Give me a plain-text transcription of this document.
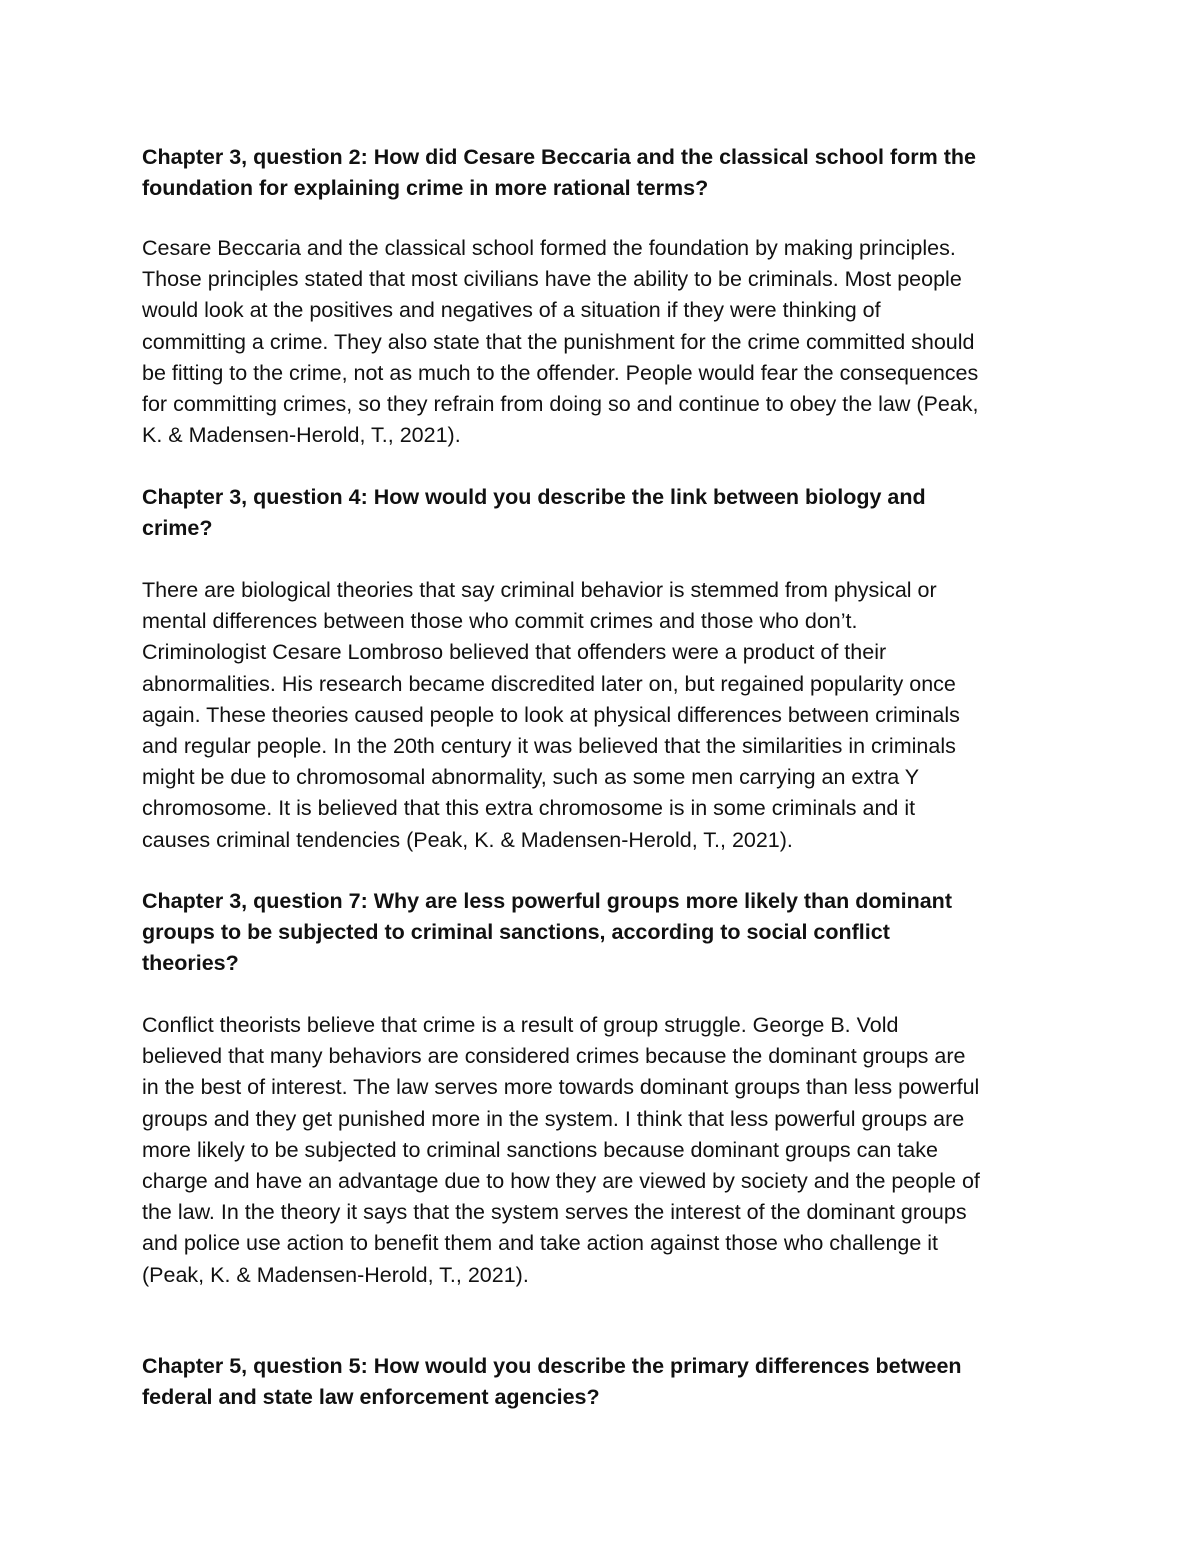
Chapter 3, question 2: How did Cesare Beccaria and the classical school form the
foundation for explaining crime in more rational terms?
Cesare Beccaria and the classical school formed the foundation by making principles.
Those principles stated that most civilians have the ability to be criminals. Most people
would look at the positives and negatives of a situation if they were thinking of
committing a crime. They also state that the punishment for the crime committed should
be fitting to the crime, not as much to the offender. People would fear the consequences
for committing crimes, so they refrain from doing so and continue to obey the law (Peak,
K. & Madensen-Herold, T., 2021).
Chapter 3, question 4: How would you describe the link between biology and
crime?
There are biological theories that say criminal behavior is stemmed from physical or
mental differences between those who commit crimes and those who don’t.
Criminologist Cesare Lombroso believed that offenders were a product of their
abnormalities. His research became discredited later on, but regained popularity once
again. These theories caused people to look at physical differences between criminals
and regular people. In the 20th century it was believed that the similarities in criminals
might be due to chromosomal abnormality, such as some men carrying an extra Y
chromosome. It is believed that this extra chromosome is in some criminals and it
causes criminal tendencies (Peak, K. & Madensen-Herold, T., 2021).
Chapter 3, question 7: Why are less powerful groups more likely than dominant
groups to be subjected to criminal sanctions, according to social conflict
theories?
Conflict theorists believe that crime is a result of group struggle. George B. Vold
believed that many behaviors are considered crimes because the dominant groups are
in the best of interest. The law serves more towards dominant groups than less powerful
groups and they get punished more in the system. I think that less powerful groups are
more likely to be subjected to criminal sanctions because dominant groups can take
charge and have an advantage due to how they are viewed by society and the people of
the law. In the theory it says that the system serves the interest of the dominant groups
and police use action to benefit them and take action against those who challenge it
(Peak, K. & Madensen-Herold, T., 2021).
Chapter 5, question 5: How would you describe the primary differences between
federal and state law enforcement agencies?
